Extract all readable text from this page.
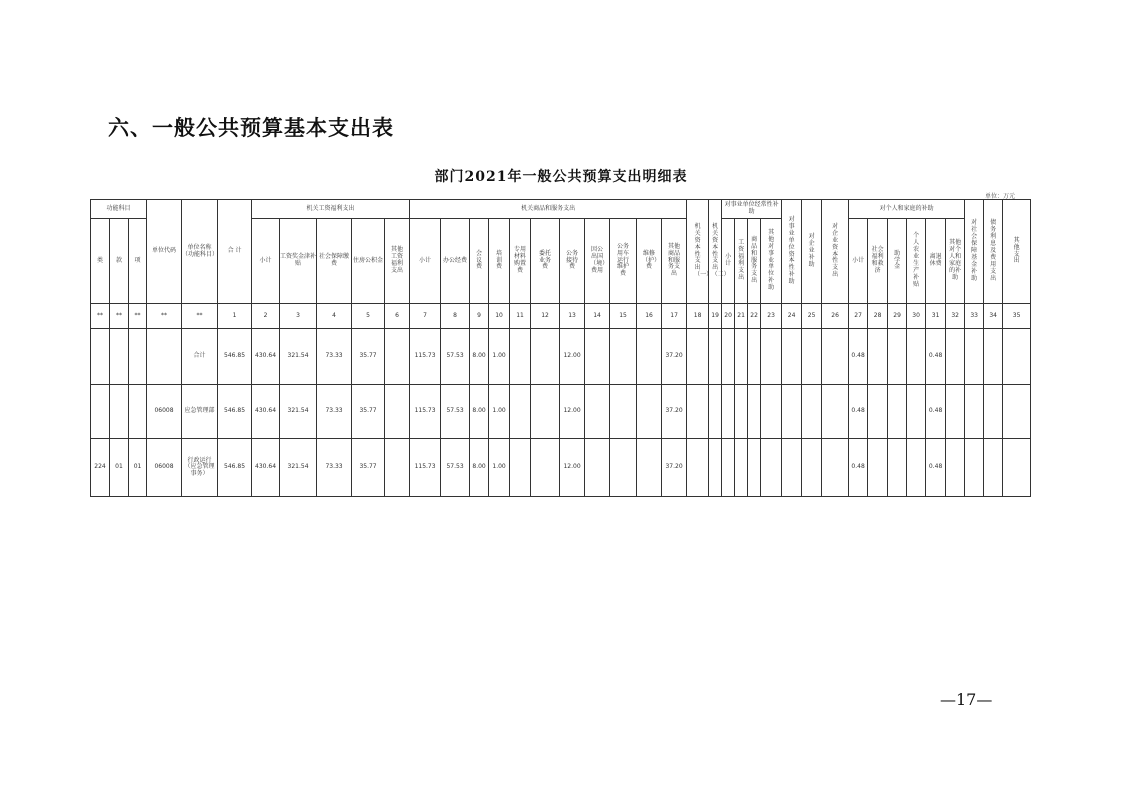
六、一般公共预算基本支出表
部门2021年一般公共预算支出明细表
单位：万元
功能科目			单位代码	单位名称（功能科目）	合 计	机关工资福利支出					机关商品和服务支出											机关资本性支出（一）	机关资本性支出（二）	对事业单位经常性补助				对事业单位资本性补助	对企业补助	对企业资本性支出	对个人和家庭的补助						对社会保障基金补助	债务利息及费用支出	其他支出
类	款	项				小计	工资奖金津补贴	社会保障缴费	住房公积金	其他工资福利支出	小计	办公经费	会议费	培训费	专用材料购置费	委托业务费	公务接待费	因公出国（境）费用	公务用车运行维护费	维修（护）费	其他商品和服务支出			小计	工资福利支出	商品和服务支出	其他对事业单位补助				小计	社会福利和救济	助学金	个人农业生产补贴	离退休费	其他对个人和家庭的补助			
**	**	**	**	**	1	2	3	4	5	6	7	8	9	10	11	12	13	14	15	16	17	18	19	20	21	22	23	24	25	26	27	28	29	30	31	32	33	34	35
				合计	546.85	430.64	321.54	73.33	35.77		115.73	57.53	8.00	1.00			12.00				37.20										0.48				0.48				
			06008	应急管理部	546.85	430.64	321.54	73.33	35.77		115.73	57.53	8.00	1.00			12.00				37.20										0.48				0.48				
224	01	01	06008	行政运行（应急管理事务）	546.85	430.64	321.54	73.33	35.77		115.73	57.53	8.00	1.00			12.00				37.20										0.48				0.48				
—17—
